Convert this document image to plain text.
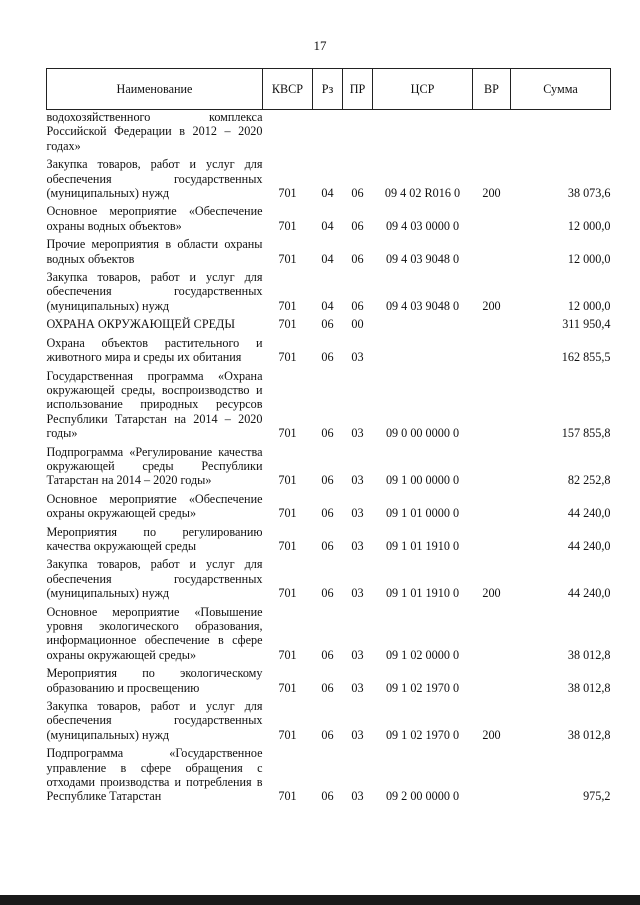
17
Наименование	КВСР	Рз	ПР	ЦСР	ВР	Сумма
водохозяйственного комплекса Российской Федерации в 2012 – 2020 годах»						
Закупка товаров, работ и услуг для обеспечения государственных (муниципальных) нужд	701	04	06	09 4 02 R016 0	200	38 073,6
Основное мероприятие «Обеспечение охраны водных объектов»	701	04	06	09 4 03 0000 0		12 000,0
Прочие мероприятия в области охраны водных объектов	701	04	06	09 4 03 9048 0		12 000,0
Закупка товаров, работ и услуг для обеспечения государственных (муниципальных) нужд	701	04	06	09 4 03 9048 0	200	12 000,0
ОХРАНА ОКРУЖАЮЩЕЙ СРЕДЫ	701	06	00			311 950,4
Охрана объектов растительного и животного мира и среды их обитания	701	06	03			162 855,5
Государственная программа «Охрана окружающей среды, воспроизводство и использование природных ресурсов Республики Татарстан на 2014 – 2020 годы»	701	06	03	09 0 00 0000 0		157 855,8
Подпрограмма «Регулирование качества окружающей среды Республики Татарстан на 2014 – 2020 годы»	701	06	03	09 1 00 0000 0		82 252,8
Основное мероприятие «Обеспечение охраны окружающей среды»	701	06	03	09 1 01 0000 0		44 240,0
Мероприятия по регулированию качества окружающей среды	701	06	03	09 1 01 1910 0		44 240,0
Закупка товаров, работ и услуг для обеспечения государственных (муниципальных) нужд	701	06	03	09 1 01 1910 0	200	44 240,0
Основное мероприятие «Повышение уровня экологического образования, информационное обеспечение в сфере охраны окружающей среды»	701	06	03	09 1 02 0000 0		38 012,8
Мероприятия по экологическому образованию и просвещению	701	06	03	09 1 02 1970 0		38 012,8
Закупка товаров, работ и услуг для обеспечения государственных (муниципальных) нужд	701	06	03	09 1 02 1970 0	200	38 012,8
Подпрограмма «Государственное управление в сфере обращения с отходами производства и потребления в Республике Татарстан	701	06	03	09 2 00 0000 0		975,2
